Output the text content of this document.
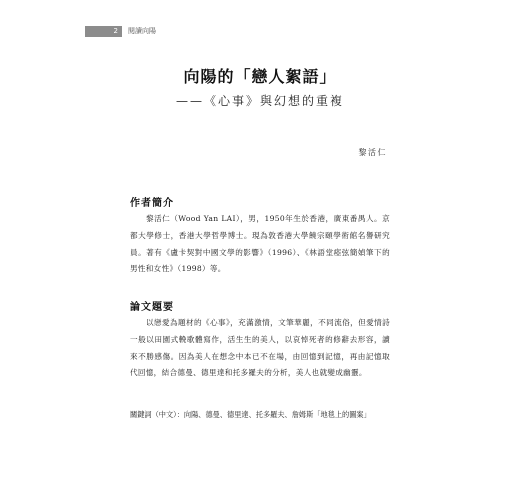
2	閱讀向陽
向陽的「戀人絮語」
——《心事》與幻想的重複
黎活仁
作者簡介

黎活仁（Wood Yan LAI），男，1950年生於香港，廣東番禺人。京都大學修士，香港大學哲學博士。現為敦香港大學饒宗頤學術館名譽研究員。著有《盧卡契對中國文學的影響》（1996）、《林語堂瘂弦簡媜筆下的男性和女性》（1998）等。

論文題要

以戀愛為題材的《心事》，充滿激情，文筆華麗，不同流俗，但愛情詩一般以田園式輓歌體寫作，活生生的美人，以哀悼死者的修辭去形容，讀來不勝感傷。因為美人在想念中本已不在場，由回憶到記憶，再由記憶取代回憶，結合德曼、德里達和托多羅夫的分析，美人也就變成幽靈。

關鍵詞（中文）： 向陽、德曼、德里達、托多羅夫、詹姆斯「地毯上的圖案」
